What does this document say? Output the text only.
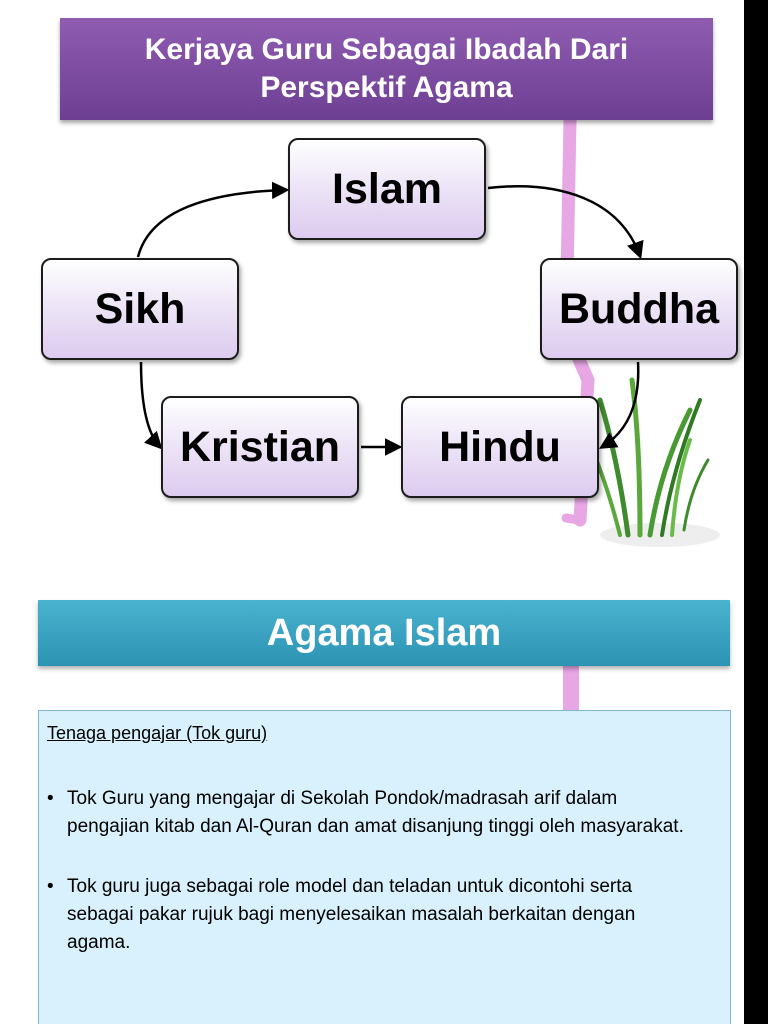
Kerjaya Guru Sebagai Ibadah Dari Perspektif Agama
Islam
Buddha
Hindu
Kristian
Sikh
Agama Islam
Tenaga pengajar (Tok guru)
• Tok Guru yang mengajar di Sekolah Pondok/madrasah arif dalam pengajian kitab dan Al-Quran dan amat disanjung tinggi oleh masyarakat.
• Tok guru juga sebagai role model dan teladan untuk dicontohi serta sebagai pakar rujuk bagi menyelesaikan masalah berkaitan dengan agama.
